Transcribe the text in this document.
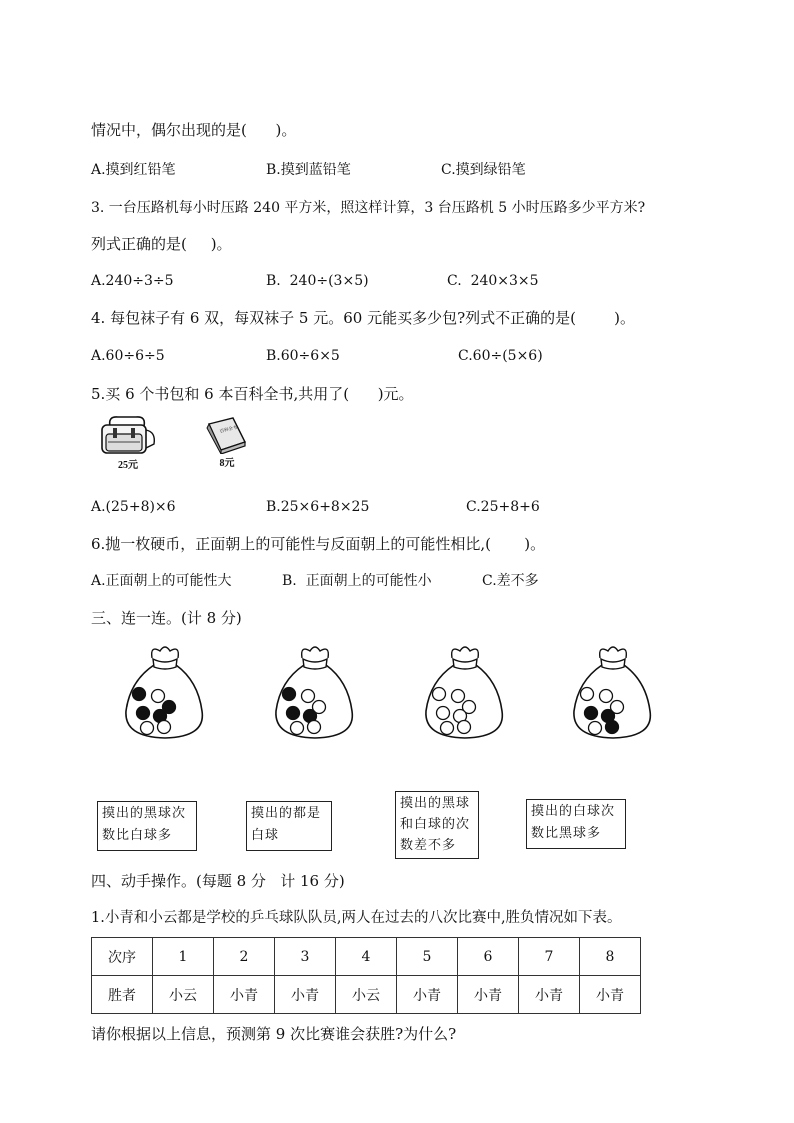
情况中，偶尔出现的是(      )。
A.摸到红铅笔	B.摸到蓝铅笔	C.摸到绿铅笔
3. 一台压路机每小时压路 240 平方米，照这样计算，3 台压路机 5 小时压路多少平方米?
列式正确的是(     )。
A.240÷3÷5	B.  240÷(3×5)	C.  240×3×5
4. 每包袜子有 6 双，每双袜子 5 元。60 元能买多少包?列式不正确的是(        )。
A.60÷6÷5	B.60÷6×5	C.60÷(5×6)
5.买 6 个书包和 6 本百科全书,共用了(      )元。
25元
百科全书
8元
A.(25+8)×6	B.25×6+8×25	C.25+8+6
6.抛一枚硬币，正面朝上的可能性与反面朝上的可能性相比,(       )。
A.正面朝上的可能性大	B.  正面朝上的可能性小	C.差不多
三、连一连。(计 8 分)
摸出的黑球次
数比白球多
摸出的都是
白球
摸出的黑球
和白球的次
数差不多
摸出的白球次
数比黑球多
四、动手操作。(每题 8 分   计 16 分)
1.小青和小云都是学校的乒乓球队队员,两人在过去的八次比赛中,胜负情况如下表。
次序	1	2	3	4	5	6	7	8
胜者	小云	小青	小青	小云	小青	小青	小青	小青
请你根据以上信息，预测第 9 次比赛谁会获胜?为什么?
